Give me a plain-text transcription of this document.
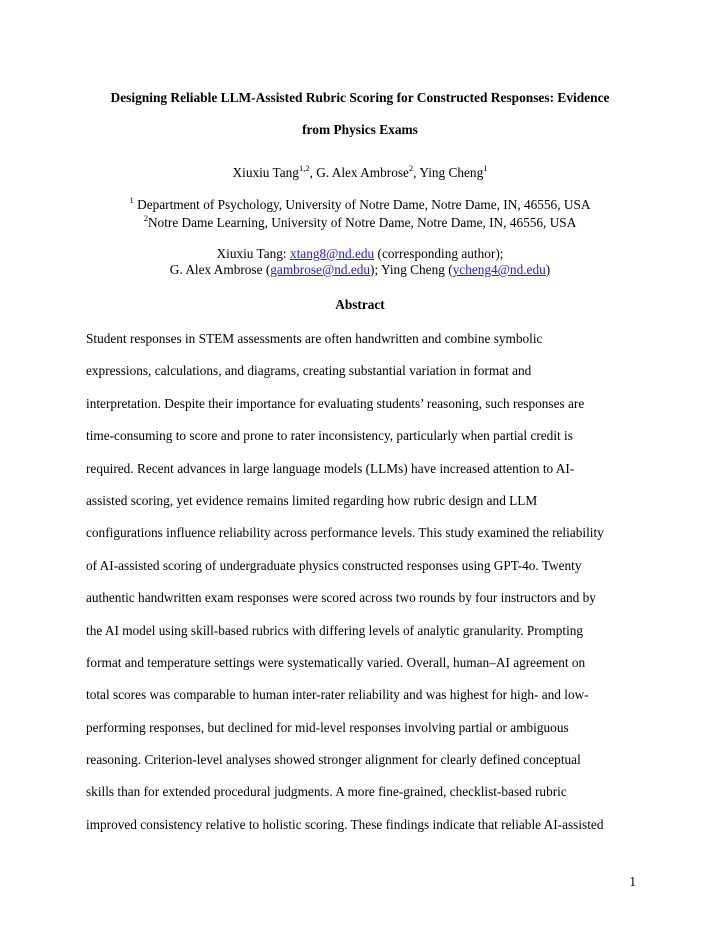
Designing Reliable LLM-Assisted Rubric Scoring for Constructed Responses: Evidence
from Physics Exams
Xiuxiu Tang$^{1,2}$, G. Alex Ambrose$^2$, Ying Cheng$^1$
$^1$ Department of Psychology, University of Notre Dame, Notre Dame, IN, 46556, USA
$^2$Notre Dame Learning, University of Notre Dame, Notre Dame, IN, 46556, USA
Xiuxiu Tang: xtang8@nd.edu (corresponding author);
G. Alex Ambrose (gambrose@nd.edu); Ying Cheng (ycheng4@nd.edu)
Abstract
Student responses in STEM assessments are often handwritten and combine symbolic
expressions, calculations, and diagrams, creating substantial variation in format and
interpretation. Despite their importance for evaluating students’ reasoning, such responses are
time-consuming to score and prone to rater inconsistency, particularly when partial credit is
required. Recent advances in large language models (LLMs) have increased attention to AI-
assisted scoring, yet evidence remains limited regarding how rubric design and LLM
configurations influence reliability across performance levels. This study examined the reliability
of AI-assisted scoring of undergraduate physics constructed responses using GPT-4o. Twenty
authentic handwritten exam responses were scored across two rounds by four instructors and by
the AI model using skill-based rubrics with differing levels of analytic granularity. Prompting
format and temperature settings were systematically varied. Overall, human–AI agreement on
total scores was comparable to human inter-rater reliability and was highest for high- and low-
performing responses, but declined for mid-level responses involving partial or ambiguous
reasoning. Criterion-level analyses showed stronger alignment for clearly defined conceptual
skills than for extended procedural judgments. A more fine-grained, checklist-based rubric
improved consistency relative to holistic scoring. These findings indicate that reliable AI-assisted
1
